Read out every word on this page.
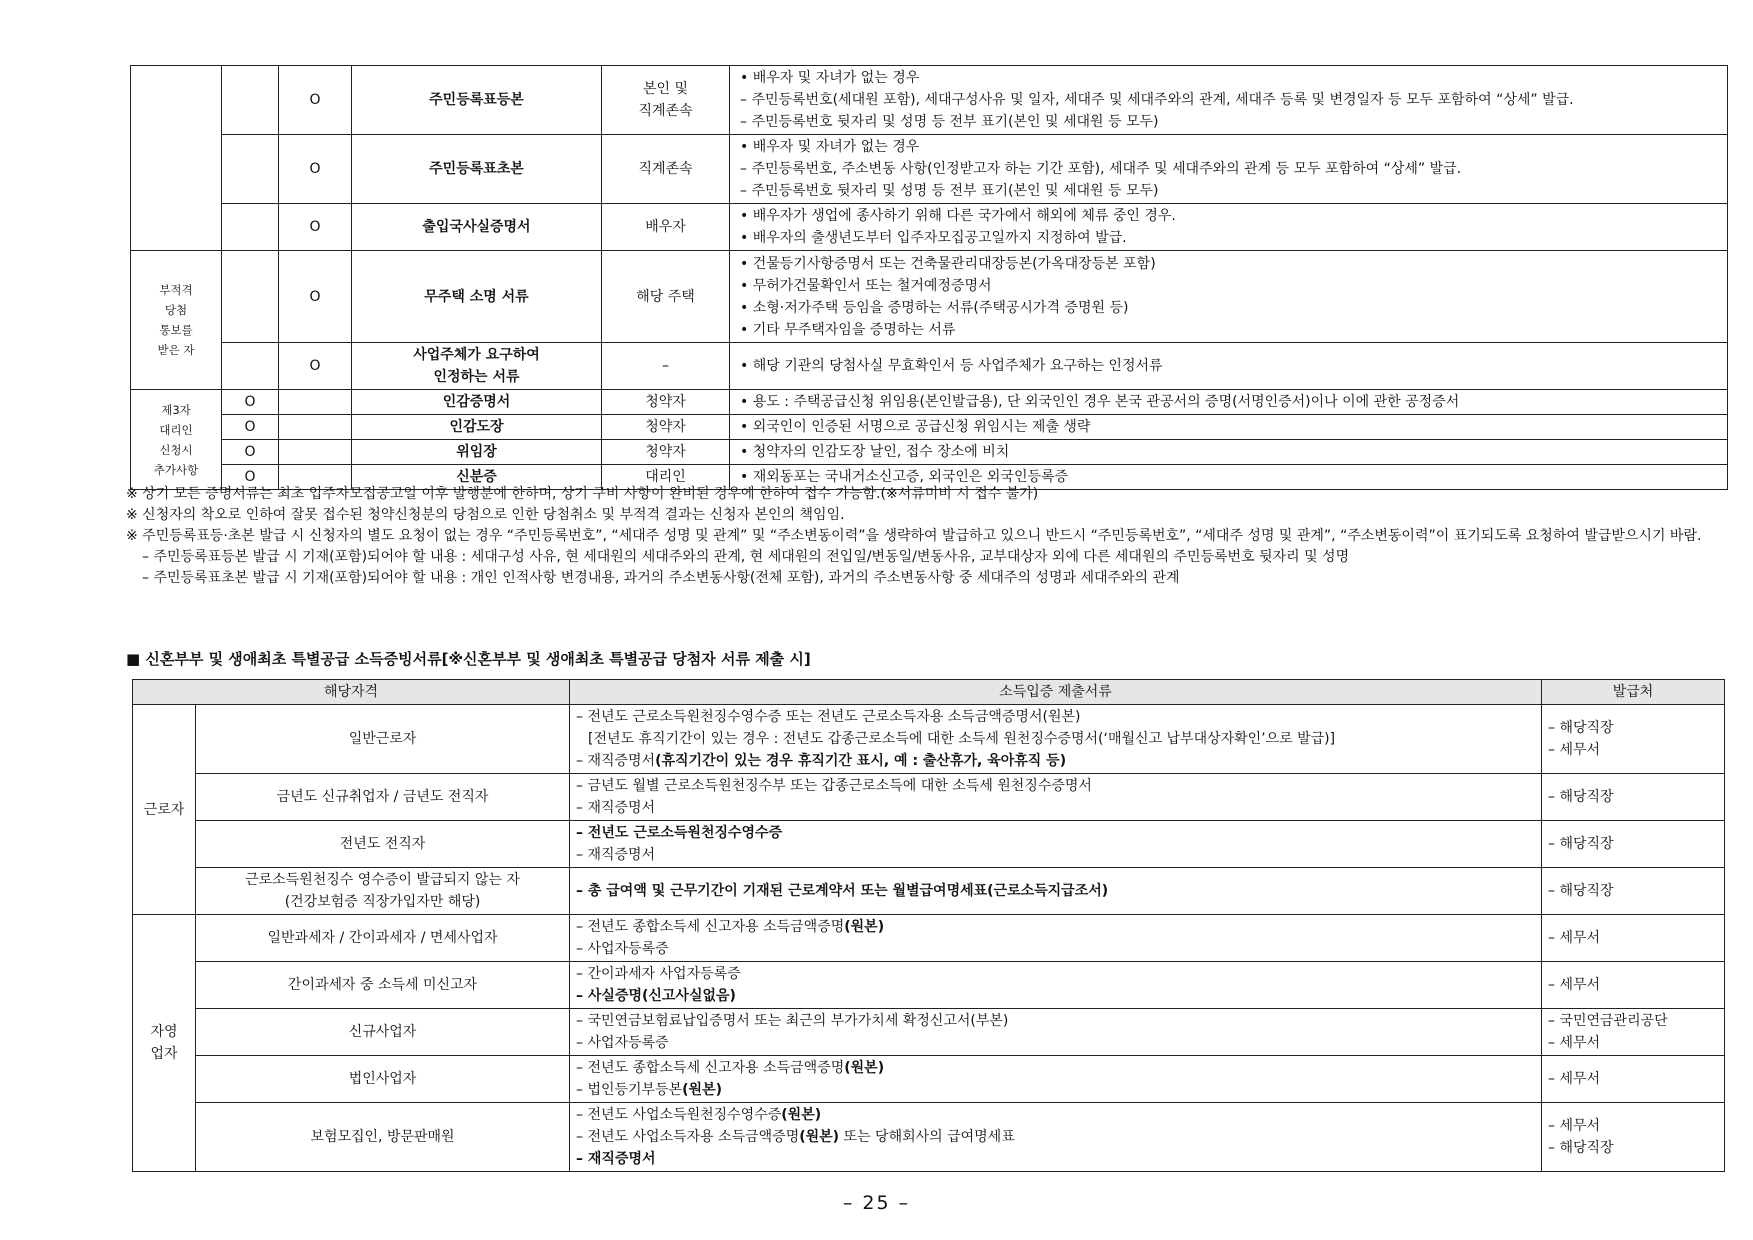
		O	주민등록표등본	본인 및
직계존속	• 배우자 및 자녀가 없는 경우
– 주민등록번호(세대원 포함), 세대구성사유 및 일자, 세대주 및 세대주와의 관계, 세대주 등록 및 변경일자 등 모두 포함하여 “상세” 발급.
– 주민등록번호 뒷자리 및 성명 등 전부 표기(본인 및 세대원 등 모두)

		O	주민등록표초본	직계존속	• 배우자 및 자녀가 없는 경우
– 주민등록번호, 주소변동 사항(인정받고자 하는 기간 포함), 세대주 및 세대주와의 관계 등 모두 포함하여 “상세” 발급.
– 주민등록번호 뒷자리 및 성명 등 전부 표기(본인 및 세대원 등 모두)

		O	출입국사실증명서	배우자	• 배우자가 생업에 종사하기 위해 다른 국가에서 해외에 체류 중인 경우.
• 배우자의 출생년도부터 입주자모집공고일까지 지정하여 발급.

부적격
당첨
통보를
받은 자		O	무주택 소명 서류	해당 주택	• 건물등기사항증명서 또는 건축물관리대장등본(가옥대장등본 포함)
• 무허가건물확인서 또는 철거예정증명서
• 소형·저가주택 등임을 증명하는 서류(주택공시가격 증명원 등)
• 기타 무주택자임을 증명하는 서류

		O	사업주체가 요구하여
인정하는 서류	–	• 해당 기관의 당첨사실 무효확인서 등 사업주체가 요구하는 인정서류

제3자
대리인
신청시
추가사항	O		인감증명서	청약자	• 용도 : 주택공급신청 위임용(본인발급용), 단 외국인인 경우 본국 관공서의 증명(서명인증서)이나 이에 관한 공정증서
	O		인감도장	청약자	• 외국인이 인증된 서명으로 공급신청 위임시는 제출 생략
	O		위임장	청약자	• 청약자의 인감도장 날인, 접수 장소에 비치
	O		신분증	대리인	• 재외동포는 국내거소신고증, 외국인은 외국인등록증
※ 상기 모든 증명서류는 최초 입주자모집공고일 이후 발행분에 한하며, 상기 구비 사항이 완비된 경우에 한하여 접수 가능함.(※서류미비 시 접수 불가)
※ 신청자의 착오로 인하여 잘못 접수된 청약신청분의 당첨으로 인한 당첨취소 및 부적격 결과는 신청자 본인의 책임임.
※ 주민등록표등·초본 발급 시 신청자의 별도 요청이 없는 경우 “주민등록번호”, “세대주 성명 및 관계” 및 “주소변동이력”을 생략하여 발급하고 있으니 반드시 “주민등록번호”, “세대주 성명 및 관계”, “주소변동이력”이 표기되도록 요청하여 발급받으시기 바람.
– 주민등록표등본 발급 시 기재(포함)되어야 할 내용 : 세대구성 사유, 현 세대원의 세대주와의 관계, 현 세대원의 전입일/변동일/변동사유, 교부대상자 외에 다른 세대원의 주민등록번호 뒷자리 및 성명
– 주민등록표초본 발급 시 기재(포함)되어야 할 내용 : 개인 인적사항 변경내용, 과거의 주소변동사항(전체 포함), 과거의 주소변동사항 중 세대주의 성명과 세대주와의 관계
■ 신혼부부 및 생애최초 특별공급 소득증빙서류[※신혼부부 및 생애최초 특별공급 당첨자 서류 제출 시]
해당자격		소득입증 제출서류	발급처
근로자	일반근로자	– 전년도 근로소득원천징수영수증 또는 전년도 근로소득자용 소득금액증명서(원본)
[전년도 휴직기간이 있는 경우 : 전년도 갑종근로소득에 대한 소득세 원천징수증명서(‘매월신고 납부대상자확인’으로 발급)]
– 재직증명서(휴직기간이 있는 경우 휴직기간 표시, 예 : 출산휴가, 육아휴직 등)	– 해당직장
– 세무서

	금년도 신규취업자 / 금년도 전직자	– 금년도 월별 근로소득원천징수부 또는 갑종근로소득에 대한 소득세 원천징수증명서
– 재직증명서	– 해당직장
	전년도 전직자	– 전년도 근로소득원천징수영수증
– 재직증명서	– 해당직장

	근로소득원천징수 영수증이 발급되지 않는 자
(건강보험증 직장가입자만 해당)	– 총 급여액 및 근무기간이 기재된 근로계약서 또는 월별급여명세표(근로소득지급조서)	– 해당직장

자영
업자	일반과세자 / 간이과세자 / 면세사업자	– 전년도 종합소득세 신고자용 소득금액증명(원본)
– 사업자등록증	– 세무서
	간이과세자 중 소득세 미신고자	– 간이과세자 사업자등록증
– 사실증명(신고사실없음)	– 세무서
	신규사업자	– 국민연금보험료납입증명서 또는 최근의 부가가치세 확정신고서(부본)
– 사업자등록증	– 국민연금관리공단
– 세무서

	법인사업자	– 전년도 종합소득세 신고자용 소득금액증명(원본)
– 법인등기부등본(원본)	– 세무서
	보험모집인, 방문판매원	– 전년도 사업소득원천징수영수증(원본)
– 전년도 사업소득자용 소득금액증명(원본) 또는 당해회사의 급여명세표
– 재직증명서	– 세무서
– 해당직장
– 25 –
